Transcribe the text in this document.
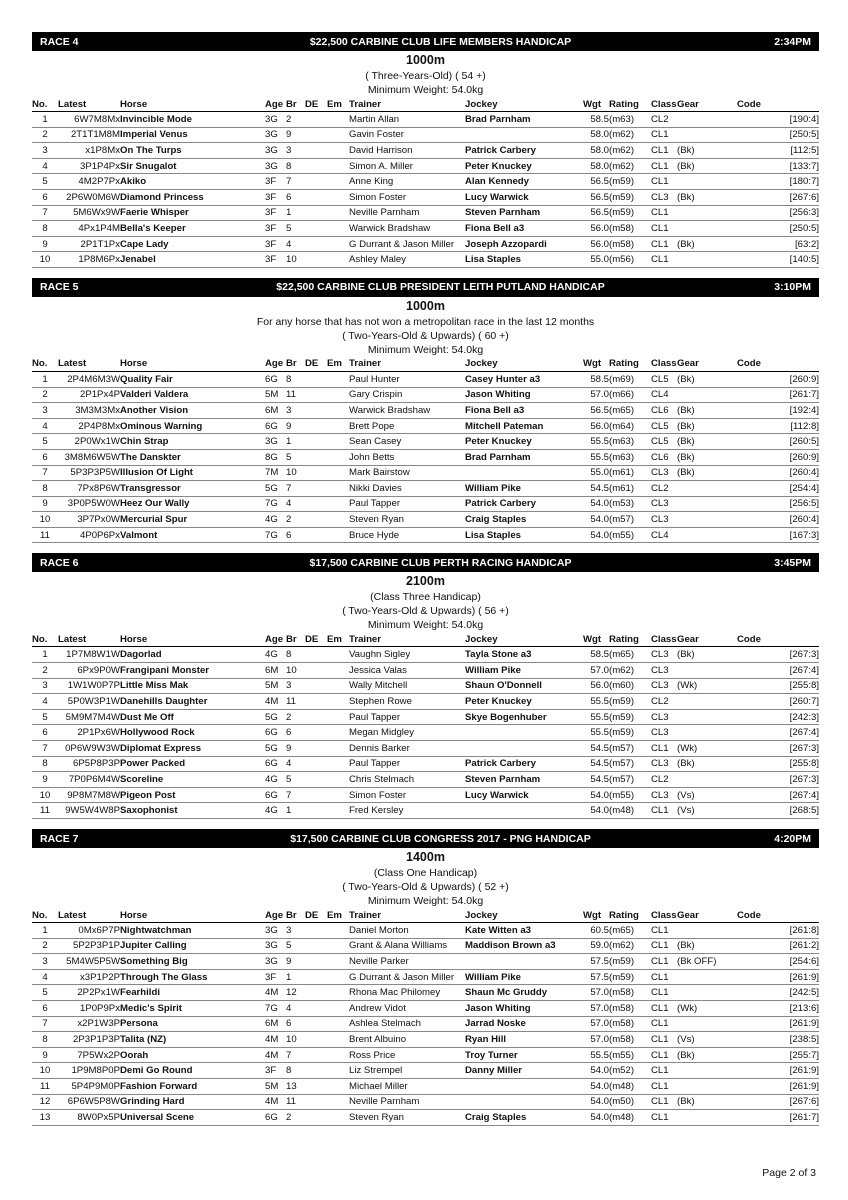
RACE 4	$22,500 CARBINE CLUB LIFE MEMBERS HANDICAP	2:34PM
1000m
( Three-Years-Old) ( 54 +)
Minimum Weight: 54.0kg
No.	Latest	Horse	Age	Br	DE	Em	Trainer	Jockey	Wgt	Rating	Class	Gear	Code
1	6W7M8Mx	Invincible Mode	3G	2			Martin Allan	Brad Parnham	58.5	(m63)	CL2		[190:4]
2	2T1T1M8M	Imperial Venus	3G	9			Gavin Foster		58.0	(m62)	CL1		[250:5]
3	x1P8Mx	On The Turps	3G	3			David Harrison	Patrick Carbery	58.0	(m62)	CL1	(Bk)	[112:5]
4	3P1P4Px	Sir Snugalot	3G	8			Simon A. Miller	Peter Knuckey	58.0	(m62)	CL1	(Bk)	[133:7]
5	4M2P7Px	Akiko	3F	7			Anne King	Alan Kennedy	56.5	(m59)	CL1		[180:7]
6	2P6W0M6W	Diamond Princess	3F	6			Simon Foster	Lucy Warwick	56.5	(m59)	CL3	(Bk)	[267:6]
7	5M6Wx9W	Faerie Whisper	3F	1			Neville Parnham	Steven Parnham	56.5	(m59)	CL1		[256:3]
8	4Px1P4M	Bella's Keeper	3F	5			Warwick Bradshaw	Fiona Bell a3	56.0	(m58)	CL1		[250:5]
9	2P1T1Px	Cape Lady	3F	4			G Durrant & Jason Miller	Joseph Azzopardi	56.0	(m58)	CL1	(Bk)	[63:2]
10	1P8M6Px	Jenabel	3F	10			Ashley Maley	Lisa Staples	55.0	(m56)	CL1		[140:5]
RACE 5	$22,500 CARBINE CLUB PRESIDENT LEITH PUTLAND HANDICAP	3:10PM
1000m
For any horse that has not won a metropolitan race in the last 12 months
( Two-Years-Old & Upwards) ( 60 +)
Minimum Weight: 54.0kg
No.	Latest	Horse	Age	Br	DE	Em	Trainer	Jockey	Wgt	Rating	Class	Gear	Code
1	2P4M6M3W	Quality Fair	6G	8			Paul Hunter	Casey Hunter a3	58.5	(m69)	CL5	(Bk)	[260:9]
2	2P1Px4P	Valderi Valdera	5M	11			Gary Crispin	Jason Whiting	57.0	(m66)	CL4		[261:7]
3	3M3M3Mx	Another Vision	6M	3			Warwick Bradshaw	Fiona Bell a3	56.5	(m65)	CL6	(Bk)	[192:4]
4	2P4P8Mx	Ominous Warning	6G	9			Brett Pope	Mitchell Pateman	56.0	(m64)	CL5	(Bk)	[112:8]
5	2P0Wx1W	Chin Strap	3G	1			Sean Casey	Peter Knuckey	55.5	(m63)	CL5	(Bk)	[260:5]
6	3M8M6W5W	The Danskter	8G	5			John Betts	Brad Parnham	55.5	(m63)	CL6	(Bk)	[260:9]
7	5P3P3P5W	Illusion Of Light	7M	10			Mark Bairstow		55.0	(m61)	CL3	(Bk)	[260:4]
8	7Px8P6W	Transgressor	5G	7			Nikki Davies	William Pike	54.5	(m61)	CL2		[254:4]
9	3P0P5W0W	Heez Our Wally	7G	4			Paul Tapper	Patrick Carbery	54.0	(m53)	CL3		[256:5]
10	3P7Px0W	Mercurial Spur	4G	2			Steven Ryan	Craig Staples	54.0	(m57)	CL3		[260:4]
11	4P0P6Px	Valmont	7G	6			Bruce Hyde	Lisa Staples	54.0	(m55)	CL4		[167:3]
RACE 6	$17,500 CARBINE CLUB PERTH RACING HANDICAP	3:45PM
2100m
(Class Three Handicap)
( Two-Years-Old & Upwards) ( 56 +)
Minimum Weight: 54.0kg
No.	Latest	Horse	Age	Br	DE	Em	Trainer	Jockey	Wgt	Rating	Class	Gear	Code
1	1P7M8W1W	Dagorlad	4G	8			Vaughn Sigley	Tayla Stone a3	58.5	(m65)	CL3	(Bk)	[267:3]
2	6Px9P0W	Frangipani Monster	6M	10			Jessica Valas	William Pike	57.0	(m62)	CL3		[267:4]
3	1W1W0P7P	Little Miss Mak	5M	3			Wally Mitchell	Shaun O'Donnell	56.0	(m60)	CL3	(Wk)	[255:8]
4	5P0W3P1W	Danehills Daughter	4M	11			Stephen Rowe	Peter Knuckey	55.5	(m59)	CL2		[260:7]
5	5M9M7M4W	Dust Me Off	5G	2			Paul Tapper	Skye Bogenhuber	55.5	(m59)	CL3		[242:3]
6	2P1Px6W	Hollywood Rock	6G	6			Megan Midgley		55.5	(m59)	CL3		[267:4]
7	0P6W9W3W	Diplomat Express	5G	9			Dennis Barker		54.5	(m57)	CL1	(Wk)	[267:3]
8	6P5P8P3P	Power Packed	6G	4			Paul Tapper	Patrick Carbery	54.5	(m57)	CL3	(Bk)	[255:8]
9	7P0P6M4W	Scoreline	4G	5			Chris Stelmach	Steven Parnham	54.5	(m57)	CL2		[267:3]
10	9P8M7M8W	Pigeon Post	6G	7			Simon Foster	Lucy Warwick	54.0	(m55)	CL3	(Vs)	[267:4]
11	9W5W4W8P	Saxophonist	4G	1			Fred Kersley		54.0	(m48)	CL1	(Vs)	[268:5]
RACE 7	$17,500 CARBINE CLUB CONGRESS 2017 - PNG HANDICAP	4:20PM
1400m
(Class One Handicap)
( Two-Years-Old & Upwards) ( 52 +)
Minimum Weight: 54.0kg
No.	Latest	Horse	Age	Br	DE	Em	Trainer	Jockey	Wgt	Rating	Class	Gear	Code
1	0Mx6P7P	Nightwatchman	3G	3			Daniel Morton	Kate Witten a3	60.5	(m65)	CL1		[261:8]
2	5P2P3P1P	Jupiter Calling	3G	5			Grant & Alana Williams	Maddison Brown a3	59.0	(m62)	CL1	(Bk)	[261:2]
3	5M4W5P5W	Something Big	3G	9			Neville Parker		57.5	(m59)	CL1	(Bk OFF)	[254:6]
4	x3P1P2P	Through The Glass	3F	1			G Durrant & Jason Miller	William Pike	57.5	(m59)	CL1		[261:9]
5	2P2Px1W	Fearhildi	4M	12			Rhona Mac Philomey	Shaun Mc Gruddy	57.0	(m58)	CL1		[242:5]
6	1P0P9Px	Medic's Spirit	7G	4			Andrew Vidot	Jason Whiting	57.0	(m58)	CL1	(Wk)	[213:6]
7	x2P1W3P	Persona	6M	6			Ashlea Stelmach	Jarrad Noske	57.0	(m58)	CL1		[261:9]
8	2P3P1P3P	Talita (NZ)	4M	10			Brent Albuino	Ryan Hill	57.0	(m58)	CL1	(Vs)	[238:5]
9	7P5Wx2P	Oorah	4M	7			Ross Price	Troy Turner	55.5	(m55)	CL1	(Bk)	[255:7]
10	1P9M8P0P	Demi Go Round	3F	8			Liz Strempel	Danny Miller	54.0	(m52)	CL1		[261:9]
11	5P4P9M0P	Fashion Forward	5M	13			Michael Miller		54.0	(m48)	CL1		[261:9]
12	6P6W5P8W	Grinding Hard	4M	11			Neville Parnham		54.0	(m50)	CL1	(Bk)	[267:6]
13	8W0Px5P	Universal Scene	6G	2			Steven Ryan	Craig Staples	54.0	(m48)	CL1		[261:7]
Page 2 of 3
